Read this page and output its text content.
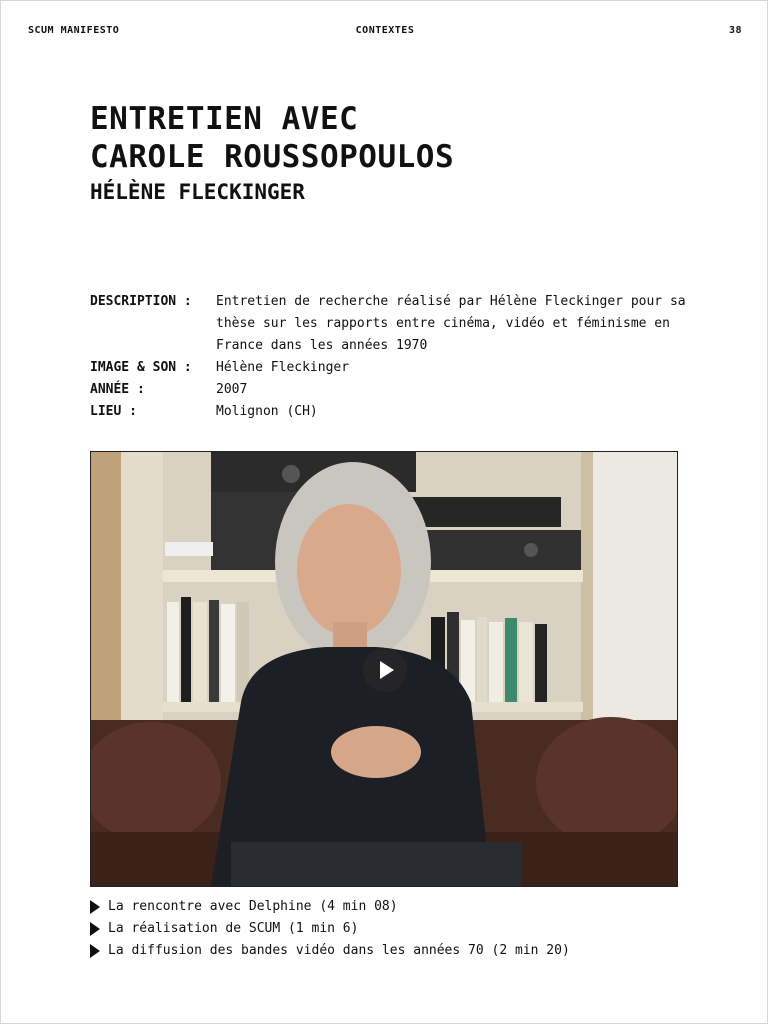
SCUM MANIFESTO	CONTEXTES	38
ENTRETIEN AVEC
CAROLE ROUSSOPOULOS
HÉLÈNE FLECKINGER
DESCRIPTION :	Entretien de recherche réalisé par Hélène Fleckinger pour sa thèse sur les rapports entre cinéma, vidéo et féminisme en France dans les années 1970
IMAGE & SON :	Hélène Fleckinger
ANNÉE :	2007
LIEU :	Molignon (CH)
La rencontre avec Delphine (4 min 08)
La réalisation de SCUM (1 min 6)
La diffusion des bandes vidéo dans les années 70 (2 min 20)
